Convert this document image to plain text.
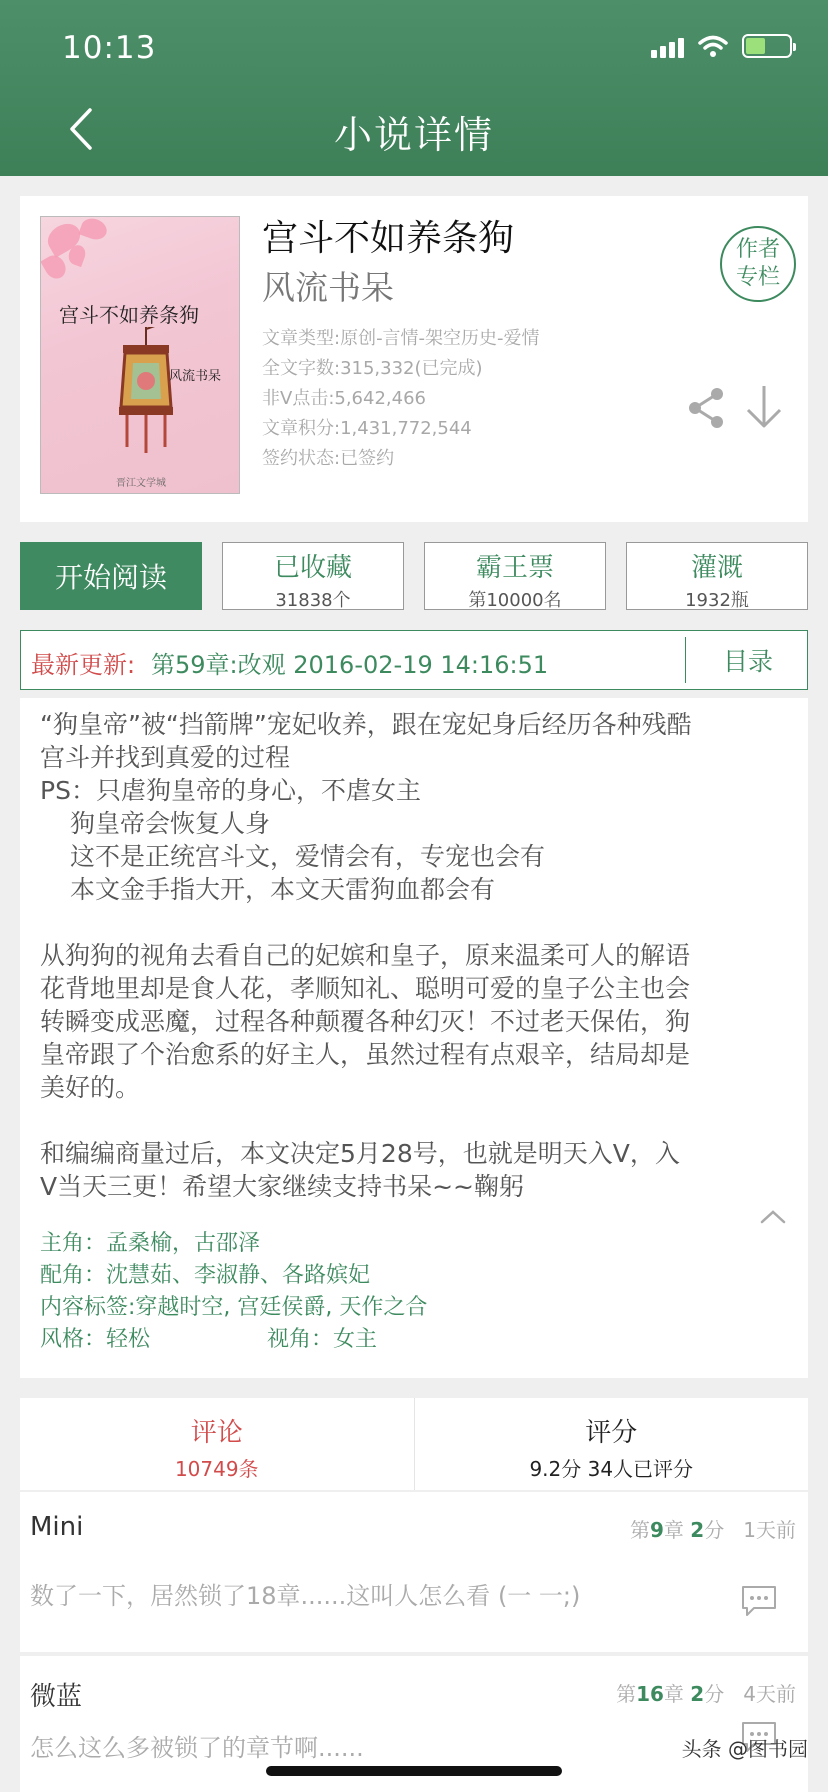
10:13
小说详情
宫斗不如养条狗
风流书呆
晋江文学城
宫斗不如养条狗
风流书呆
文章类型:原创-言情-架空历史-爱情
全文字数:315,332(已完成)
非V点击:5,642,466
文章积分:1,431,772,544
签约状态:已签约
作者
专栏
开始阅读	已收藏
31838个
霸王票
第10000名
灌溉
1932瓶
最新更新: 第59章:改观 2016-02-19 14:16:51	目录

“狗皇帝”被“挡箭牌”宠妃收养，跟在宠妃身后经历各种残酷

宫斗并找到真爱的过程

PS：只虐狗皇帝的身心，不虐女主

狗皇帝会恢复人身

这不是正统宫斗文，爱情会有，专宠也会有

本文金手指大开，本文天雷狗血都会有

从狗狗的视角去看自己的妃嫔和皇子，原来温柔可人的解语

花背地里却是食人花，孝顺知礼、聪明可爱的皇子公主也会

转瞬变成恶魔，过程各种颠覆各种幻灭！不过老天保佑，狗

皇帝跟了个治愈系的好主人，虽然过程有点艰辛，结局却是

美好的。

和编编商量过后，本文决定5月28号，也就是明天入V，入

V当天三更！希望大家继续支持书呆~~鞠躬

主角：孟桑榆，古邵泽
配角：沈慧茹、李淑静、各路嫔妃
内容标签:穿越时空, 宫廷侯爵, 天作之合
风格：轻松	视角：女主
评论
10749条
评分
9.2分 34人已评分
Mini	第9章 2分 1天前
数了一下，居然锁了18章......这叫人怎么看 (一 一;)
微蓝	第16章 2分 4天前
怎么这么多被锁了的章节啊......	头条 @图书园
